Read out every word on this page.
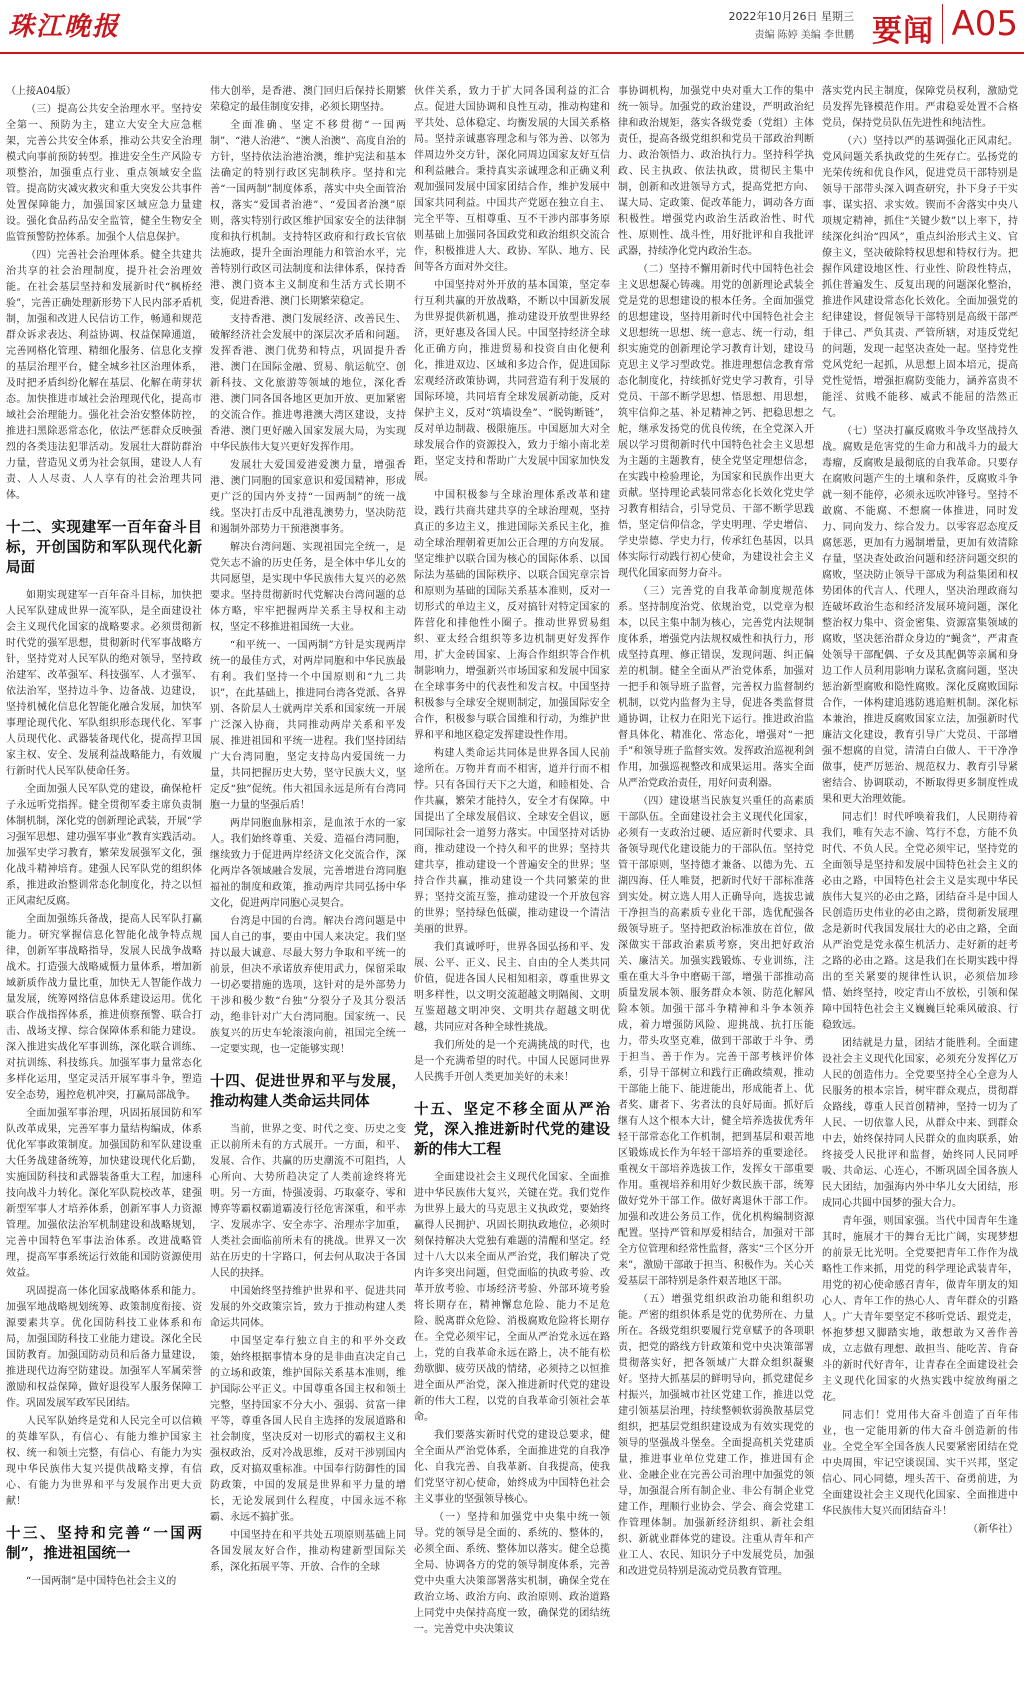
珠江晚报	2022年10月26日 星期三
责编 陈婷 美编 李世鹏 要闻 A05

（上接A04版）

（三）提高公共安全治理水平。坚持安全第一、预防为主，建立大安全大应急框架，完善公共安全体系，推动公共安全治理模式向事前预防转型。推进安全生产风险专项整治，加强重点行业、重点领域安全监管。提高防灾减灾救灾和重大突发公共事件处置保障能力，加强国家区域应急力量建设。强化食品药品安全监管，健全生物安全监管预警防控体系。加强个人信息保护。

（四）完善社会治理体系。健全共建共治共享的社会治理制度，提升社会治理效能。在社会基层坚持和发展新时代“枫桥经验”，完善正确处理新形势下人民内部矛盾机制，加强和改进人民信访工作，畅通和规范群众诉求表达、利益协调、权益保障通道，完善网格化管理、精细化服务、信息化支撑的基层治理平台，健全城乡社区治理体系，及时把矛盾纠纷化解在基层、化解在萌芽状态。加快推进市域社会治理现代化，提高市域社会治理能力。强化社会治安整体防控，推进扫黑除恶常态化，依法严惩群众反映强烈的各类违法犯罪活动。发展壮大群防群治力量，营造见义勇为社会氛围，建设人人有责、人人尽责、人人享有的社会治理共同体。

十二、实现建军一百年奋斗目标，开创国防和军队现代化新局面

如期实现建军一百年奋斗目标，加快把人民军队建成世界一流军队，是全面建设社会主义现代化国家的战略要求。必须贯彻新时代党的强军思想，贯彻新时代军事战略方针，坚持党对人民军队的绝对领导，坚持政治建军、改革强军、科技强军、人才强军、依法治军，坚持边斗争、边备战、边建设，坚持机械化信息化智能化融合发展，加快军事理论现代化、军队组织形态现代化、军事人员现代化、武器装备现代化，提高捍卫国家主权、安全、发展利益战略能力，有效履行新时代人民军队使命任务。

全面加强人民军队党的建设，确保枪杆子永远听党指挥。健全贯彻军委主席负责制体制机制，深化党的创新理论武装，开展“学习强军思想、建功强军事业”教育实践活动。加强军史学习教育，繁荣发展强军文化，强化战斗精神培育。建强人民军队党的组织体系，推进政治整训常态化制度化，持之以恒正风肃纪反腐。

全面加强练兵备战，提高人民军队打赢能力。研究掌握信息化智能化战争特点规律，创新军事战略指导，发展人民战争战略战术。打造强大战略威慑力量体系，增加新域新质作战力量比重，加快无人智能作战力量发展，统筹网络信息体系建设运用。优化联合作战指挥体系，推进侦察预警、联合打击、战场支撑、综合保障体系和能力建设。深入推进实战化军事训练，深化联合训练、对抗训练、科技练兵。加强军事力量常态化多样化运用，坚定灵活开展军事斗争，塑造安全态势，遏控危机冲突，打赢局部战争。

全面加强军事治理，巩固拓展国防和军队改革成果，完善军事力量结构编成，体系优化军事政策制度。加强国防和军队建设重大任务战建备统筹，加快建设现代化后勤，实施国防科技和武器装备重大工程，加速科技向战斗力转化。深化军队院校改革，建强新型军事人才培养体系，创新军事人力资源管理。加强依法治军机制建设和战略规划，完善中国特色军事法治体系。改进战略管理，提高军事系统运行效能和国防资源使用效益。

巩固提高一体化国家战略体系和能力。加强军地战略规划统筹、政策制度衔接、资源要素共享。优化国防科技工业体系和布局，加强国防科技工业能力建设。深化全民国防教育。加强国防动员和后备力量建设，推进现代边海空防建设。加强军人军属荣誉激励和权益保障，做好退役军人服务保障工作。巩固发展军政军民团结。

人民军队始终是党和人民完全可以信赖的英雄军队，有信心、有能力维护国家主权、统一和领土完整，有信心、有能力为实现中华民族伟大复兴提供战略支撑，有信心、有能力为世界和平与发展作出更大贡献！

十三、坚持和完善“一国两制”，推进祖国统一

“一国两制”是中国特色社会主义的

伟大创举，是香港、澳门回归后保持长期繁荣稳定的最佳制度安排，必须长期坚持。

全面准确、坚定不移贯彻“一国两制”、“港人治港”、“澳人治澳”、高度自治的方针，坚持依法治港治澳，维护宪法和基本法确定的特别行政区宪制秩序。坚持和完善“一国两制”制度体系，落实中央全面管治权，落实“爱国者治港”、“爱国者治澳”原则，落实特别行政区维护国家安全的法律制度和执行机制。支持特区政府和行政长官依法施政，提升全面治理能力和管治水平，完善特别行政区司法制度和法律体系，保持香港、澳门资本主义制度和生活方式长期不变，促进香港、澳门长期繁荣稳定。

支持香港、澳门发展经济、改善民生、破解经济社会发展中的深层次矛盾和问题。发挥香港、澳门优势和特点，巩固提升香港、澳门在国际金融、贸易、航运航空、创新科技、文化旅游等领域的地位，深化香港、澳门同各国各地区更加开放、更加紧密的交流合作。推进粤港澳大湾区建设，支持香港、澳门更好融入国家发展大局，为实现中华民族伟大复兴更好发挥作用。

发展壮大爱国爱港爱澳力量，增强香港、澳门同胞的国家意识和爱国精神，形成更广泛的国内外支持“一国两制”的统一战线。坚决打击反中乱港乱澳势力，坚决防范和遏制外部势力干预港澳事务。

解决台湾问题、实现祖国完全统一，是党矢志不渝的历史任务，是全体中华儿女的共同愿望，是实现中华民族伟大复兴的必然要求。坚持贯彻新时代党解决台湾问题的总体方略，牢牢把握两岸关系主导权和主动权，坚定不移推进祖国统一大业。

“和平统一、一国两制”方针是实现两岸统一的最佳方式，对两岸同胞和中华民族最有利。我们坚持一个中国原则和“九二共识”，在此基础上，推进同台湾各党派、各界别、各阶层人士就两岸关系和国家统一开展广泛深入协商，共同推动两岸关系和平发展、推进祖国和平统一进程。我们坚持团结广大台湾同胞，坚定支持岛内爱国统一力量，共同把握历史大势，坚守民族大义，坚定反“独”促统。伟大祖国永远是所有台湾同胞一力量的坚强后盾！

两岸同胞血脉相亲，是血浓于水的一家人。我们始终尊重、关爱、造福台湾同胞，继续致力于促进两岸经济文化交流合作，深化两岸各领域融合发展，完善增进台湾同胞福祉的制度和政策，推动两岸共同弘扬中华文化，促进两岸同胞心灵契合。

台湾是中国的台湾。解决台湾问题是中国人自己的事，要由中国人来决定。我们坚持以最大诚意、尽最大努力争取和平统一的前景，但决不承诺放弃使用武力，保留采取一切必要措施的选项，这针对的是外部势力干涉和极少数“台独”分裂分子及其分裂活动，绝非针对广大台湾同胞。国家统一、民族复兴的历史车轮滚滚向前，祖国完全统一一定要实现，也一定能够实现！

十四、促进世界和平与发展，推动构建人类命运共同体

当前，世界之变、时代之变、历史之变正以前所未有的方式展开。一方面，和平、发展、合作、共赢的历史潮流不可阻挡，人心所向、大势所趋决定了人类前途终将光明。另一方面，恃强凌弱、巧取豪夺、零和博弈等霸权霸道霸凌行径危害深重，和平赤字、发展赤字、安全赤字、治理赤字加重，人类社会面临前所未有的挑战。世界又一次站在历史的十字路口，何去何从取决于各国人民的抉择。

中国始终坚持维护世界和平、促进共同发展的外交政策宗旨，致力于推动构建人类命运共同体。

中国坚定奉行独立自主的和平外交政策，始终根据事情本身的是非曲直决定自己的立场和政策，维护国际关系基本准则，维护国际公平正义。中国尊重各国主权和领土完整，坚持国家不分大小、强弱、贫富一律平等，尊重各国人民自主选择的发展道路和社会制度，坚决反对一切形式的霸权主义和强权政治，反对冷战思维，反对干涉别国内政，反对搞双重标准。中国奉行防御性的国防政策，中国的发展是世界和平力量的增长，无论发展到什么程度，中国永远不称霸、永远不搞扩张。

中国坚持在和平共处五项原则基础上同各国发展友好合作，推动构建新型国际关系，深化拓展平等、开放、合作的全球

伙伴关系，致力于扩大同各国利益的汇合点。促进大国协调和良性互动，推动构建和平共处、总体稳定、均衡发展的大国关系格局。坚持亲诚惠容理念和与邻为善、以邻为伴周边外交方针，深化同周边国家友好互信和利益融合。秉持真实亲诚理念和正确义利观加强同发展中国家团结合作，维护发展中国家共同利益。中国共产党愿在独立自主、完全平等、互相尊重、互不干涉内部事务原则基础上加强同各国政党和政治组织交流合作，积极推进人大、政协、军队、地方、民间等各方面对外交往。

中国坚持对外开放的基本国策，坚定奉行互利共赢的开放战略，不断以中国新发展为世界提供新机遇，推动建设开放型世界经济，更好惠及各国人民。中国坚持经济全球化正确方向，推进贸易和投资自由化便利化，推进双边、区域和多边合作，促进国际宏观经济政策协调，共同营造有利于发展的国际环境，共同培育全球发展新动能，反对保护主义，反对“筑墙设垒”、“脱钩断链”，反对单边制裁、极限施压。中国愿加大对全球发展合作的资源投入，致力于缩小南北差距，坚定支持和帮助广大发展中国家加快发展。

中国积极参与全球治理体系改革和建设，践行共商共建共享的全球治理观，坚持真正的多边主义，推进国际关系民主化，推动全球治理朝着更加公正合理的方向发展。坚定维护以联合国为核心的国际体系、以国际法为基础的国际秩序、以联合国宪章宗旨和原则为基础的国际关系基本准则，反对一切形式的单边主义，反对搞针对特定国家的阵营化和排他性小圈子。推动世界贸易组织、亚太经合组织等多边机制更好发挥作用，扩大金砖国家、上海合作组织等合作机制影响力，增强新兴市场国家和发展中国家在全球事务中的代表性和发言权。中国坚持积极参与全球安全规则制定，加强国际安全合作，积极参与联合国维和行动，为维护世界和平和地区稳定发挥建设性作用。

构建人类命运共同体是世界各国人民前途所在。万物并育而不相害，道并行而不相悖。只有各国行天下之大道，和睦相处、合作共赢，繁荣才能持久，安全才有保障。中国提出了全球发展倡议、全球安全倡议，愿同国际社会一道努力落实。中国坚持对话协商，推动建设一个持久和平的世界；坚持共建共享，推动建设一个普遍安全的世界；坚持合作共赢，推动建设一个共同繁荣的世界；坚持交流互鉴，推动建设一个开放包容的世界；坚持绿色低碳，推动建设一个清洁美丽的世界。

我们真诚呼吁，世界各国弘扬和平、发展、公平、正义、民主、自由的全人类共同价值，促进各国人民相知相亲，尊重世界文明多样性，以文明交流超越文明隔阂、文明互鉴超越文明冲突、文明共存超越文明优越，共同应对各种全球性挑战。

我们所处的是一个充满挑战的时代，也是一个充满希望的时代。中国人民愿同世界人民携手开创人类更加美好的未来！

十五、坚定不移全面从严治党，深入推进新时代党的建设新的伟大工程

全面建设社会主义现代化国家、全面推进中华民族伟大复兴，关键在党。我们党作为世界上最大的马克思主义执政党，要始终赢得人民拥护、巩固长期执政地位，必须时刻保持解决大党独有难题的清醒和坚定。经过十八大以来全面从严治党，我们解决了党内许多突出问题，但党面临的执政考验、改革开放考验、市场经济考验、外部环境考验将长期存在，精神懈怠危险、能力不足危险、脱离群众危险、消极腐败危险将长期存在。全党必须牢记，全面从严治党永远在路上，党的自我革命永远在路上，决不能有松劲歇脚、疲劳厌战的情绪，必须持之以恒推进全面从严治党，深入推进新时代党的建设新的伟大工程，以党的自我革命引领社会革命。

我们要落实新时代党的建设总要求，健全全面从严治党体系，全面推进党的自我净化、自我完善、自我革新、自我提高，使我们党坚守初心使命，始终成为中国特色社会主义事业的坚强领导核心。

（一）坚持和加强党中央集中统一领导。党的领导是全面的、系统的、整体的，必须全面、系统、整体加以落实。健全总揽全局、协调各方的党的领导制度体系，完善党中央重大决策部署落实机制，确保全党在政治立场、政治方向、政治原则、政治道路上同党中央保持高度一致，确保党的团结统一。完善党中央决策议

事协调机构，加强党中央对重大工作的集中统一领导。加强党的政治建设，严明政治纪律和政治规矩，落实各级党委（党组）主体责任，提高各级党组织和党员干部政治判断力、政治领悟力、政治执行力。坚持科学执政、民主执政、依法执政，贯彻民主集中制，创新和改进领导方式，提高党把方向、谋大局、定政策、促改革能力，调动各方面积极性。增强党内政治生活政治性、时代性、原则性、战斗性，用好批评和自我批评武器，持续净化党内政治生态。

（二）坚持不懈用新时代中国特色社会主义思想凝心铸魂。用党的创新理论武装全党是党的思想建设的根本任务。全面加强党的思想建设，坚持用新时代中国特色社会主义思想统一思想、统一意志、统一行动，组织实施党的创新理论学习教育计划，建设马克思主义学习型政党。推进理想信念教育常态化制度化，持续抓好党史学习教育，引导党员、干部不断学思想、悟思想、用思想，筑牢信仰之基、补足精神之钙、把稳思想之舵，继承发扬党的优良传统，在全党深入开展以学习贯彻新时代中国特色社会主义思想为主题的主题教育，使全党坚定理想信念，在实践中检验理论，为国家和民族作出更大贡献。坚持理论武装同常态化长效化党史学习教育相结合，引导党员、干部不断学思践悟，坚定信仰信念，学史明理、学史增信、学史崇德、学史力行，传承红色基因，以具体实际行动践行初心使命，为建设社会主义现代化国家而努力奋斗。

（三）完善党的自我革命制度规范体系。坚持制度治党、依规治党，以党章为根本，以民主集中制为核心，完善党内法规制度体系，增强党内法规权威性和执行力，形成坚持真理、修正错误，发现问题、纠正偏差的机制。健全全面从严治党体系，加强对一把手和领导班子监督，完善权力监督制约机制，以党内监督为主导，促进各类监督贯通协调，让权力在阳光下运行。推进政治监督具体化、精准化、常态化，增强对“一把手”和领导班子监督实效。发挥政治巡视利剑作用，加强巡视整改和成果运用。落实全面从严治党政治责任，用好问责利器。

（四）建设堪当民族复兴重任的高素质干部队伍。全面建设社会主义现代化国家，必须有一支政治过硬、适应新时代要求、具备领导现代化建设能力的干部队伍。坚持党管干部原则，坚持德才兼备、以德为先、五湖四海、任人唯贤，把新时代好干部标准落到实处。树立选人用人正确导向，选拔忠诚干净担当的高素质专业化干部，选优配强各级领导班子。坚持把政治标准放在首位，做深做实干部政治素质考察，突出把好政治关、廉洁关。加强实践锻炼、专业训练，注重在重大斗争中磨砺干部，增强干部推动高质量发展本领、服务群众本领、防范化解风险本领。加强干部斗争精神和斗争本领养成，着力增强防风险、迎挑战、抗打压能力，带头攻坚克难，做到干部敢于斗争、勇于担当、善于作为。完善干部考核评价体系，引导干部树立和践行正确政绩观，推动干部能上能下、能进能出，形成能者上、优者奖、庸者下、劣者汰的良好局面。抓好后继有人这个根本大计，健全培养选拔优秀年轻干部常态化工作机制，把到基层和艰苦地区锻炼成长作为年轻干部培养的重要途径。重视女干部培养选拔工作，发挥女干部重要作用。重视培养和用好少数民族干部，统筹做好党外干部工作。做好离退休干部工作。加强和改进公务员工作，优化机构编制资源配置。坚持严管和厚爱相结合，加强对干部全方位管理和经常性监督，落实“三个区分开来”，激励干部敢于担当、积极作为。关心关爱基层干部特别是条件艰苦地区干部。

（五）增强党组织政治功能和组织功能。严密的组织体系是党的优势所在、力量所在。各级党组织要履行党章赋予的各项职责，把党的路线方针政策和党中央决策部署贯彻落实好，把各领域广大群众组织凝聚好。坚持大抓基层的鲜明导向，抓党建促乡村振兴，加强城市社区党建工作，推进以党建引领基层治理，持续整顿软弱涣散基层党组织，把基层党组织建设成为有效实现党的领导的坚强战斗堡垒。全面提高机关党建质量，推进事业单位党建工作，推进国有企业、金融企业在完善公司治理中加强党的领导，加强混合所有制企业、非公有制企业党建工作，理顺行业协会、学会、商会党建工作管理体制。加强新经济组织、新社会组织、新就业群体党的建设。注重从青年和产业工人、农民、知识分子中发展党员，加强和改进党员特别是流动党员教育管理。

落实党内民主制度，保障党员权利，激励党员发挥先锋模范作用。严肃稳妥处置不合格党员，保持党员队伍先进性和纯洁性。

（六）坚持以严的基调强化正风肃纪。党风问题关系执政党的生死存亡。弘扬党的光荣传统和优良作风，促进党员干部特别是领导干部带头深入调查研究，扑下身子干实事、谋实招、求实效。锲而不舍落实中央八项规定精神，抓住“关键少数”以上率下，持续深化纠治“四风”，重点纠治形式主义、官僚主义，坚决破除特权思想和特权行为。把握作风建设地区性、行业性、阶段性特点，抓住普遍发生、反复出现的问题深化整治，推进作风建设常态化长效化。全面加强党的纪律建设，督促领导干部特别是高级干部严于律己、严负其责、严管所辖，对违反党纪的问题，发现一起坚决查处一起。坚持党性党风党纪一起抓，从思想上固本培元，提高党性觉悟，增强拒腐防变能力，涵养富贵不能淫、贫贱不能移、威武不能屈的浩然正气。

（七）坚决打赢反腐败斗争攻坚战持久战。腐败是危害党的生命力和战斗力的最大毒瘤，反腐败是最彻底的自我革命。只要存在腐败问题产生的土壤和条件，反腐败斗争就一刻不能停，必须永远吹冲锋号。坚持不敢腐、不能腐、不想腐一体推进，同时发力、同向发力、综合发力。以零容忍态度反腐惩恶，更加有力遏制增量，更加有效清除存量，坚决查处政治问题和经济问题交织的腐败，坚决防止领导干部成为利益集团和权势团体的代言人、代理人，坚决治理政商勾连破坏政治生态和经济发展环境问题，深化整治权力集中、资金密集、资源富集领域的腐败，坚决惩治群众身边的“蝇贪”，严肃查处领导干部配偶、子女及其配偶等亲属和身边工作人员利用影响力谋私贪腐问题，坚决惩治新型腐败和隐性腐败。深化反腐败国际合作，一体构建追逃防逃追赃机制。深化标本兼治，推进反腐败国家立法，加强新时代廉洁文化建设，教育引导广大党员、干部增强不想腐的自觉，清清白白做人、干干净净做事，使严厉惩治、规范权力、教育引导紧密结合、协调联动，不断取得更多制度性成果和更大治理效能。

同志们！时代呼唤着我们，人民期待着我们，唯有矢志不渝、笃行不怠，方能不负时代、不负人民。全党必须牢记，坚持党的全面领导是坚持和发展中国特色社会主义的必由之路，中国特色社会主义是实现中华民族伟大复兴的必由之路，团结奋斗是中国人民创造历史伟业的必由之路，贯彻新发展理念是新时代我国发展壮大的必由之路，全面从严治党是党永葆生机活力、走好新的赶考之路的必由之路。这是我们在长期实践中得出的至关紧要的规律性认识，必须倍加珍惜、始终坚持，咬定青山不放松，引领和保障中国特色社会主义巍巍巨轮乘风破浪、行稳致远。

团结就是力量，团结才能胜利。全面建设社会主义现代化国家，必须充分发挥亿万人民的创造伟力。全党要坚持全心全意为人民服务的根本宗旨，树牢群众观点，贯彻群众路线，尊重人民首创精神，坚持一切为了人民、一切依靠人民，从群众中来、到群众中去，始终保持同人民群众的血肉联系，始终接受人民批评和监督，始终同人民同呼吸、共命运、心连心，不断巩固全国各族人民大团结，加强海内外中华儿女大团结，形成同心共圆中国梦的强大合力。

青年强，则国家强。当代中国青年生逢其时，施展才干的舞台无比广阔，实现梦想的前景无比光明。全党要把青年工作作为战略性工作来抓，用党的科学理论武装青年，用党的初心使命感召青年，做青年朋友的知心人、青年工作的热心人、青年群众的引路人。广大青年要坚定不移听党话、跟党走，怀抱梦想又脚踏实地，敢想敢为又善作善成，立志做有理想、敢担当、能吃苦、肯奋斗的新时代好青年，让青春在全面建设社会主义现代化国家的火热实践中绽放绚丽之花。

同志们！党用伟大奋斗创造了百年伟业，也一定能用新的伟大奋斗创造新的伟业。全党全军全国各族人民要紧密团结在党中央周围，牢记空谈误国、实干兴邦，坚定信心、同心同德，埋头苦干、奋勇前进，为全面建设社会主义现代化国家、全面推进中华民族伟大复兴而团结奋斗！

（新华社）
